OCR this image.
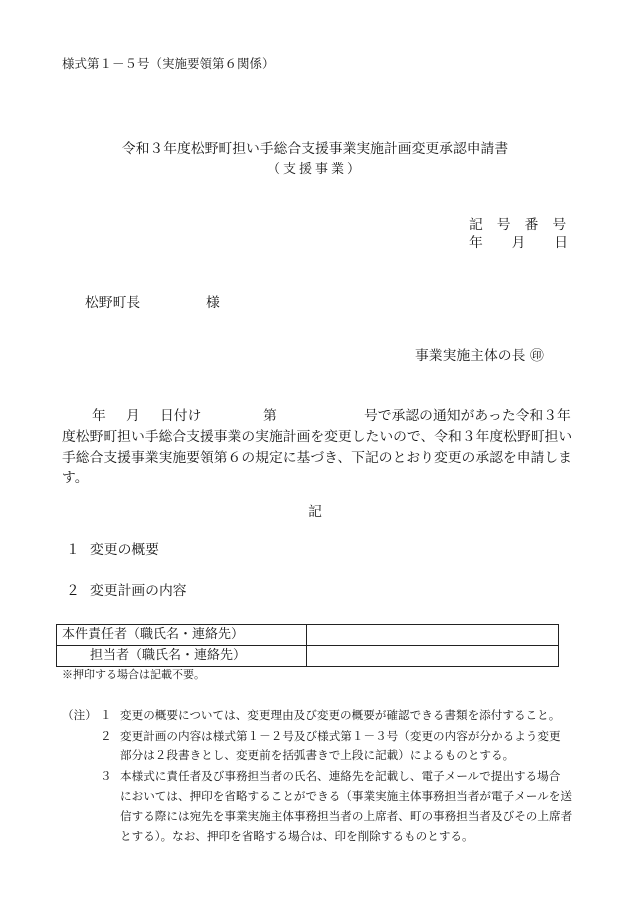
様式第１－５号（実施要領第６関係）
令和３年度松野町担い手総合支援事業実施計画変更承認申請書
（支援事業）
記号番号
年 月 日
松野町長	様
事業実施主体の長 ㊞
年 月 日付け	第	号で承認の通知があった令和３年
度松野町担い手総合支援事業の実施計画を変更したいので、令和３年度松野町担い
手総合支援事業実施要領第６の規定に基づき、下記のとおり変更の承認を申請しま
す。
記
１ 変更の概要
２ 変更計画の内容
本件責任者（職氏名・連絡先）
担当者（職氏名・連絡先）
※押印する場合は記載不要。
（注） １ 変更の概要については、変更理由及び変更の概要が確認できる書類を添付すること。
２ 変更計画の内容は様式第１－２号及び様式第１－３号（変更の内容が分かるよう変更
部分は２段書きとし、変更前を括弧書きで上段に記載）によるものとする。
３ 本様式に責任者及び事務担当者の氏名、連絡先を記載し、電子メールで提出する場合
においては、押印を省略することができる（事業実施主体事務担当者が電子メールを送
信する際には宛先を事業実施主体事務担当者の上席者、町の事務担当者及びその上席者
とする）。なお、押印を省略する場合は、印を削除するものとする。
